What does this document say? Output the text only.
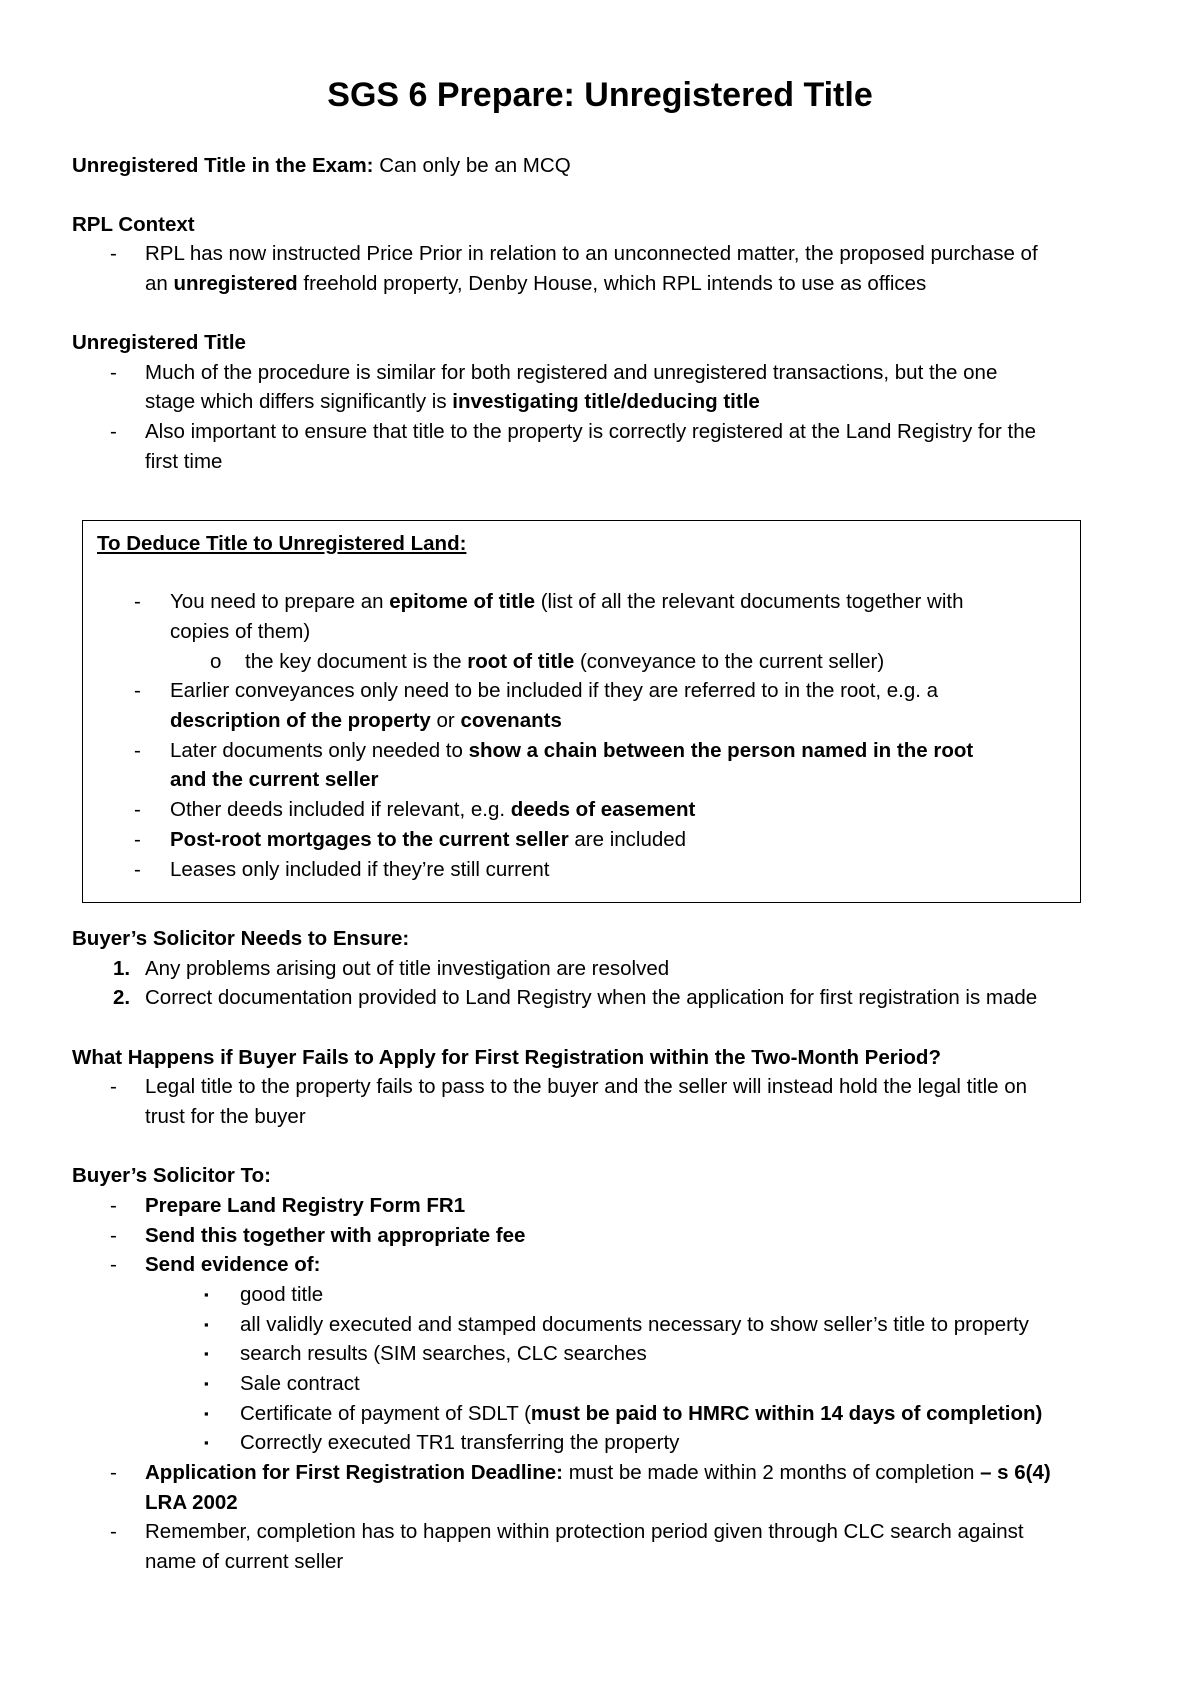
SGS 6 Prepare: Unregistered Title
Unregistered Title in the Exam: Can only be an MCQ
RPL Context
- RPL has now instructed Price Prior in relation to an unconnected matter, the proposed purchase of
an unregistered freehold property, Denby House, which RPL intends to use as offices
Unregistered Title
- Much of the procedure is similar for both registered and unregistered transactions, but the one
stage which differs significantly is investigating title/deducing title
- Also important to ensure that title to the property is correctly registered at the Land Registry for the
first time
To Deduce Title to Unregistered Land:
- You need to prepare an epitome of title (list of all the relevant documents together with
copies of them)
o the key document is the root of title (conveyance to the current seller)
- Earlier conveyances only need to be included if they are referred to in the root, e.g. a
description of the property or covenants
- Later documents only needed to show a chain between the person named in the root
and the current seller
- Other deeds included if relevant, e.g. deeds of easement
- Post-root mortgages to the current seller are included
- Leases only included if they’re still current
Buyer’s Solicitor Needs to Ensure:
1. Any problems arising out of title investigation are resolved
2. Correct documentation provided to Land Registry when the application for first registration is made
What Happens if Buyer Fails to Apply for First Registration within the Two-Month Period?
- Legal title to the property fails to pass to the buyer and the seller will instead hold the legal title on
trust for the buyer
Buyer’s Solicitor To:
- Prepare Land Registry Form FR1
- Send this together with appropriate fee
- Send evidence of:
▪ good title
▪ all validly executed and stamped documents necessary to show seller’s title to property
▪ search results (SIM searches, CLC searches
▪ Sale contract
▪ Certificate of payment of SDLT (must be paid to HMRC within 14 days of completion)
▪ Correctly executed TR1 transferring the property
- Application for First Registration Deadline: must be made within 2 months of completion – s 6(4)
LRA 2002
- Remember, completion has to happen within protection period given through CLC search against
name of current seller
